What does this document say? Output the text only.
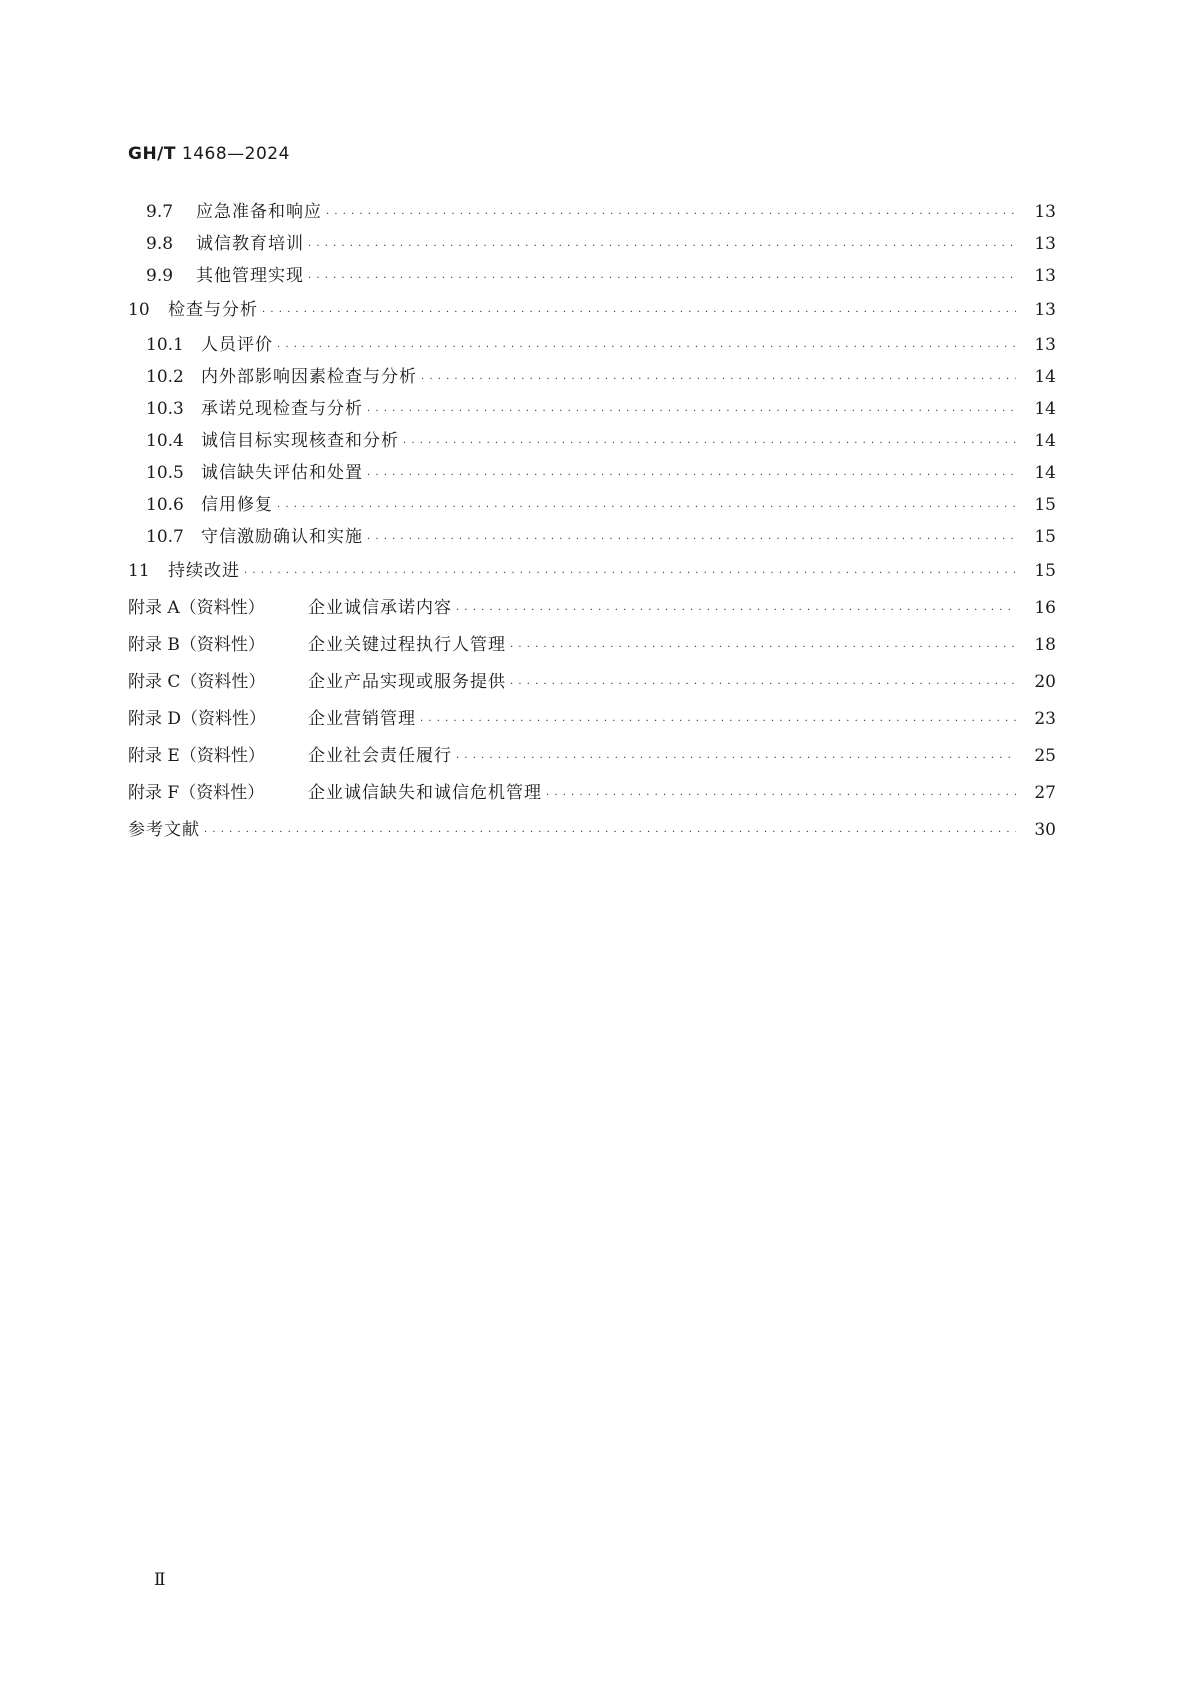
GH/T 1468—2024
9.7	应急准备和响应 · · ·	13
9.8	诚信教育培训 · · ·	13
9.9	其他管理实现 · · ·	13
10	检查与分析 · · ·	13
10.1	人员评价 · · ·	13
10.2	内外部影响因素检查与分析 · · ·	14
10.3	承诺兑现检查与分析 · · ·	14
10.4	诚信目标实现核查和分析 · · ·	14
10.5	诚信缺失评估和处置 · · ·	14
10.6	信用修复 · · ·	15
10.7	守信激励确认和实施 · · ·	15
11	持续改进 · · ·	15
附录 A（资料性）	企业诚信承诺内容 · · ·	16
附录 B（资料性）	企业关键过程执行人管理 · · ·	18
附录 C（资料性）	企业产品实现或服务提供 · · ·	20
附录 D（资料性）	企业营销管理 · · ·	23
附录 E（资料性）	企业社会责任履行 · · ·	25
附录 F（资料性）	企业诚信缺失和诚信危机管理 · · ·	27
参考文献 · · ·	30
Ⅱ
